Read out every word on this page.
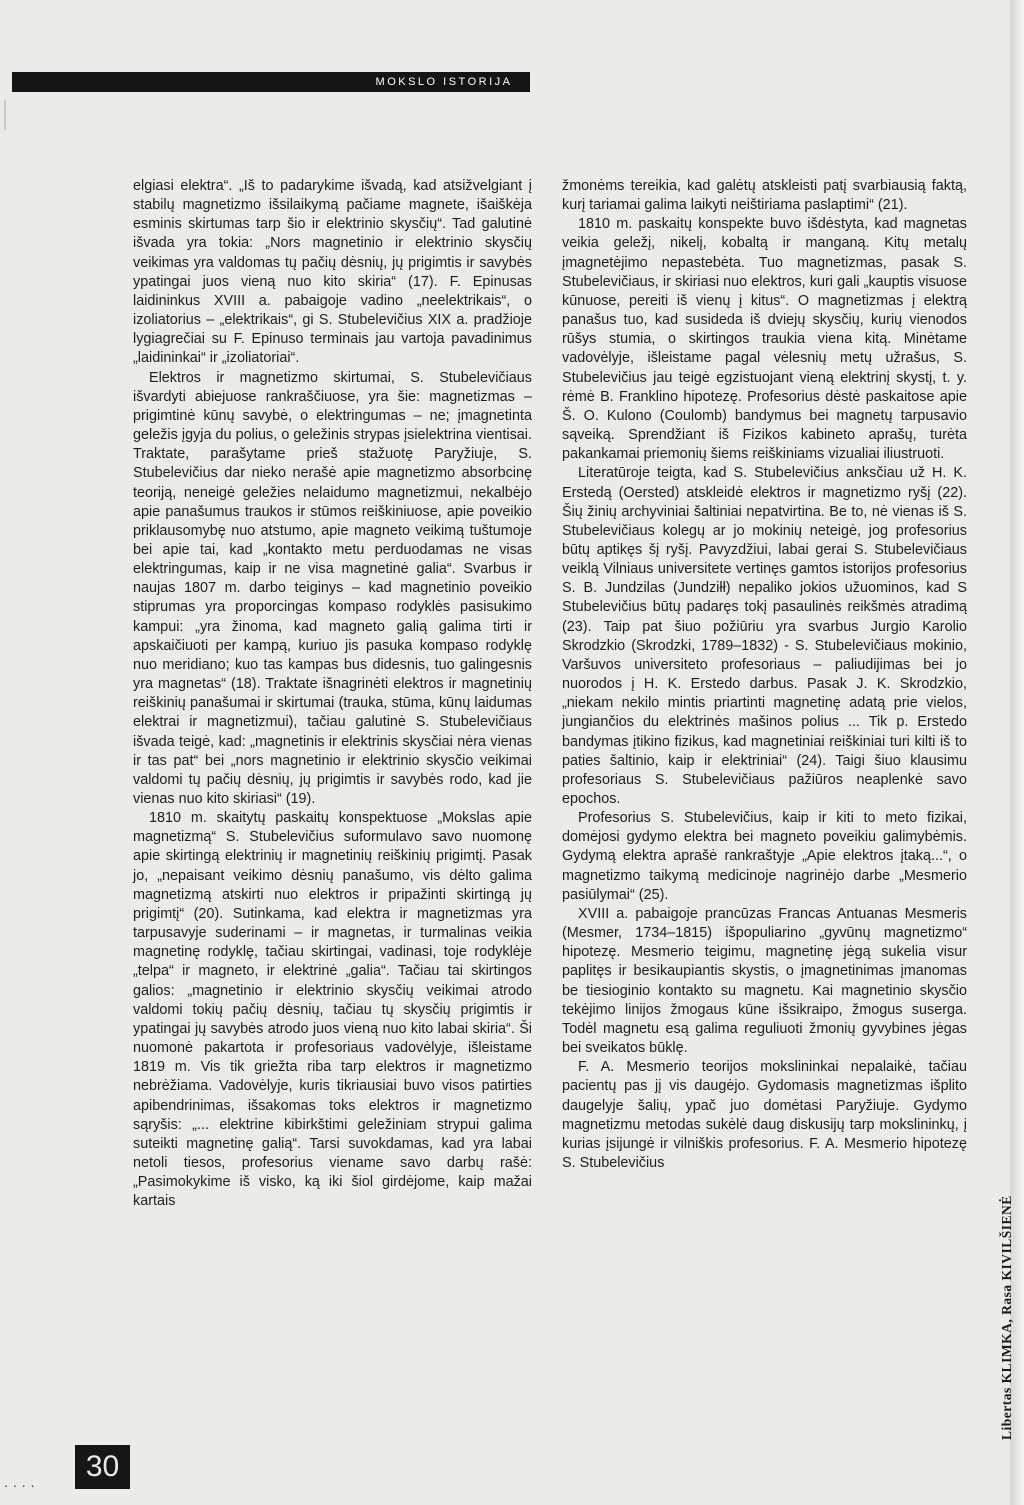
MOKSLO ISTORIJA

elgiasi elektra“. „Iš to padarykime išvadą, kad atsižvelgiant į stabilų magnetizmo išsilaikymą pačiame magnete, išaiškėja esminis skirtumas tarp šio ir elektrinio skysčių“. Tad galutinė išvada yra tokia: „Nors magnetinio ir elektrinio skysčių veikimas yra valdomas tų pačių dėsnių, jų prigimtis ir savybės ypatingai juos vieną nuo kito skiria“ (17). F. Epinusas laidininkus XVIII a. pabaigoje vadino „neelektrikais“, o izoliatorius – „elektrikais“, gi S. Stubelevičius XIX a. pradžioje lygiagrečiai su F. Epinuso terminais jau vartoja pavadinimus „laidininkai“ ir „izoliatoriai“.

Elektros ir magnetizmo skirtumai, S. Stubelevičiaus išvardyti abiejuose rankraščiuose, yra šie: magnetizmas – prigimtinė kūnų savybė, o elektringumas – ne; įmagnetinta geležis įgyja du polius, o geležinis strypas įsielektrina vientisai. Traktate, parašytame prieš stažuotę Paryžiuje, S. Stubelevičius dar nieko nerašė apie magnetizmo absorbcinę teoriją, neneigė geležies nelaidumo magnetizmui, nekalbėjo apie panašumus traukos ir stūmos reiškiniuose, apie poveikio priklausomybę nuo atstumo, apie magneto veikimą tuštumoje bei apie tai, kad „kontakto metu perduodamas ne visas elektringumas, kaip ir ne visa magnetinė galia“. Svarbus ir naujas 1807 m. darbo teiginys – kad magnetinio poveikio stiprumas yra proporcingas kompaso rodyklės pasisukimo kampui: „yra žinoma, kad magneto galią galima tirti ir apskaičiuoti per kampą, kuriuo jis pasuka kompaso rodyklę nuo meridiano; kuo tas kampas bus didesnis, tuo galingesnis yra magnetas“ (18). Traktate išnagrinėti elektros ir magnetinių reiškinių panašumai ir skirtumai (trauka, stūma, kūnų laidumas elektrai ir magnetizmui), tačiau galutinė S. Stubelevičiaus išvada teigė, kad: „magnetinis ir elektrinis skysčiai nėra vienas ir tas pat“ bei „nors magnetinio ir elektrinio skysčio veikimai valdomi tų pačių dėsnių, jų prigimtis ir savybės rodo, kad jie vienas nuo kito skiriasi“ (19).

1810 m. skaitytų paskaitų konspektuose „Mokslas apie magnetizmą“ S. Stubelevičius suformulavo savo nuomonę apie skirtingą elektrinių ir magnetinių reiškinių prigimtį. Pasak jo, „nepaisant veikimo dėsnių panašumo, vis dėlto galima magnetizmą atskirti nuo elektros ir pripažinti skirtingą jų prigimtį“ (20). Sutinkama, kad elektra ir magnetizmas yra tarpusavyje suderinami – ir magnetas, ir turmalinas veikia magnetinę rodyklę, tačiau skirtingai, vadinasi, toje rodyklėje „telpa“ ir magneto, ir elektrinė „galia“. Tačiau tai skirtingos galios: „magnetinio ir elektrinio skysčių veikimai atrodo valdomi tokių pačių dėsnių, tačiau tų skysčių prigimtis ir ypatingai jų savybės atrodo juos vieną nuo kito labai skiria“. Ši nuomonė pakartota ir profesoriaus vadovėlyje, išleistame 1819 m. Vis tik griežta riba tarp elektros ir magnetizmo nebrėžiama. Vadovėlyje, kuris tikriausiai buvo visos patirties apibendrinimas, išsakomas toks elektros ir magnetizmo sąryšis: „... elektrine kibirkštimi geležiniam strypui galima suteikti magnetinę galią“. Tarsi suvokdamas, kad yra labai netoli tiesos, profesorius viename savo darbų rašė: „Pasimokykime iš visko, ką iki šiol girdėjome, kaip mažai kartais

žmonėms tereikia, kad galėtų atskleisti patį svarbiausią faktą, kurį tariamai galima laikyti neištiriama paslaptimi“ (21).

1810 m. paskaitų konspekte buvo išdėstyta, kad magnetas veikia geležį, nikelį, kobaltą ir manganą. Kitų metalų įmagnetėjimo nepastebėta. Tuo magnetizmas, pasak S. Stubelevičiaus, ir skiriasi nuo elektros, kuri gali „kauptis visuose kūnuose, pereiti iš vienų į kitus“. O magnetizmas į elektrą panašus tuo, kad susideda iš dviejų skysčių, kurių vienodos rūšys stumia, o skirtingos traukia viena kitą. Minėtame vadovėlyje, išleistame pagal vėlesnių metų užrašus, S. Stubelevičius jau teigė egzistuojant vieną elektrinį skystį, t. y. rėmė B. Franklino hipotezę. Profesorius dėstė paskaitose apie Š. O. Kulono (Coulomb) bandymus bei magnetų tarpusavio sąveiką. Sprendžiant iš Fizikos kabineto aprašų, turėta pakankamai priemonių šiems reiškiniams vizualiai iliustruoti.

Literatūroje teigta, kad S. Stubelevičius anksčiau už H. K. Erstedą (Oersted) atskleidė elektros ir magnetizmo ryšį (22). Šių žinių archyviniai šaltiniai nepatvirtina. Be to, nė vienas iš S. Stubelevičiaus kolegų ar jo mokinių neteigė, jog profesorius būtų aptikęs šį ryšį. Pavyzdžiui, labai gerai S. Stubelevičiaus veiklą Vilniaus universitete vertinęs gamtos istorijos profesorius S. B. Jundzilas (Jundziłł) nepaliko jokios užuominos, kad S Stubelevičius būtų padaręs tokį pasaulinės reikšmės atradimą (23). Taip pat šiuo požiūriu yra svarbus Jurgio Karolio Skrodzkio (Skrodzki, 1789–1832) - S. Stubelevičiaus mokinio, Varšuvos universiteto profesoriaus – paliudijimas bei jo nuorodos į H. K. Erstedo darbus. Pasak J. K. Skrodzkio, „niekam nekilo mintis priartinti magnetinę adatą prie vielos, jungiančios du elektrinės mašinos polius ... Tik p. Erstedo bandymas įtikino fizikus, kad magnetiniai reiškiniai turi kilti iš to paties šaltinio, kaip ir elektriniai“ (24). Taigi šiuo klausimu profesoriaus S. Stubelevičiaus pažiūros neaplenkė savo epochos.

Profesorius S. Stubelevičius, kaip ir kiti to meto fizikai, domėjosi gydymo elektra bei magneto poveikiu galimybėmis. Gydymą elektra aprašė rankraštyje „Apie elektros įtaką...“, o magnetizmo taikymą medicinoje nagrinėjo darbe „Mesmerio pasiūlymai“ (25).

XVIII a. pabaigoje prancūzas Francas Antuanas Mesmeris (Mesmer, 1734–1815) išpopuliarino „gyvūnų magnetizmo“ hipotezę. Mesmerio teigimu, magnetinę jėgą sukelia visur paplitęs ir besikaupiantis skystis, o įmagnetinimas įmanomas be tiesioginio kontakto su magnetu. Kai magnetinio skysčio tekėjimo linijos žmogaus kūne išsikraipo, žmogus suserga. Todėl magnetu esą galima reguliuoti žmonių gyvybines jėgas bei sveikatos būklę.

F. A. Mesmerio teorijos mokslininkai nepalaikė, tačiau pacientų pas jį vis daugėjo. Gydomasis magnetizmas išplito daugelyje šalių, ypač juo domėtasi Paryžiuje. Gydymo magnetizmu metodas sukėlė daug diskusijų tarp mokslininkų, į kurias įsijungė ir vilniškis profesorius. F. A. Mesmerio hipotezę S. Stubelevičius

....	30
Libertas KLIMKA, Rasa KIVILŠIENĖ
